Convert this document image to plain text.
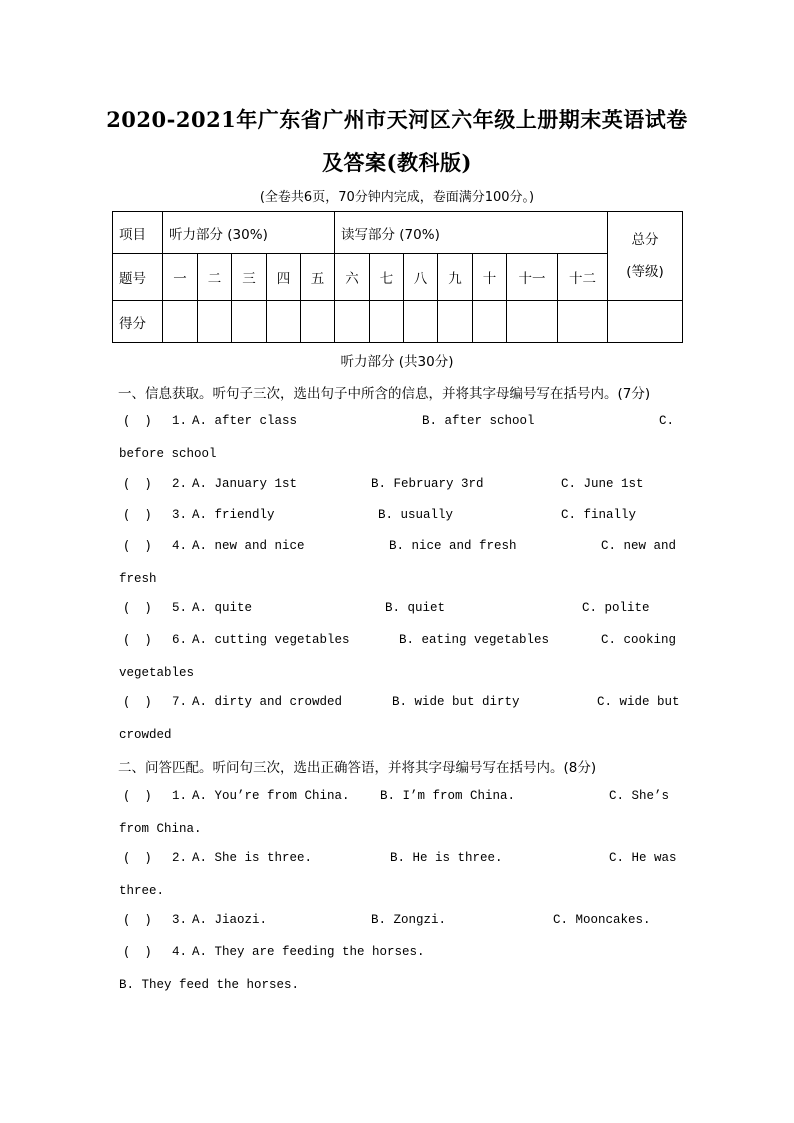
2020-2021年广东省广州市天河区六年级上册期末英语试卷
及答案(教科版)
(全卷共6页，70分钟内完成，卷面满分100分。)
项目	听力部分 (30%)					读写部分 (70%)							总分
(等级)

题号	一	二	三	四	五	六	七	八	九	十	十一	十二	
得分													
听力部分 (共30分)
一、信息获取。听句子三次，选出句子中所含的信息，并将其字母编号写在括号内。(7分)
(    ) 1. A. after class	B. after school	C.
before school
(    ) 2. A. January 1st	B. February 3rd	C. June 1st
(    ) 3. A. friendly	B. usually	C. finally
(    ) 4. A. new and nice	B. nice and fresh	C. new and
fresh
(    ) 5. A. quite	B. quiet	C. polite
(    ) 6. A. cutting vegetables	B. eating vegetables	C. cooking
vegetables
(    ) 7. A. dirty and crowded	B. wide but dirty	C. wide but
crowded
二、问答匹配。听问句三次，选出正确答语，并将其字母编号写在括号内。(8分)
(    ) 1. A. You’re from China. B. I’m from China.	C. She’s
from China.
(    ) 2. A. She is three.	B. He is three.	C. He was
three.
(    ) 3. A. Jiaozi.	B. Zongzi.	C. Mooncakes.
(    ) 4. A. They are feeding the horses.
B. They feed the horses.
